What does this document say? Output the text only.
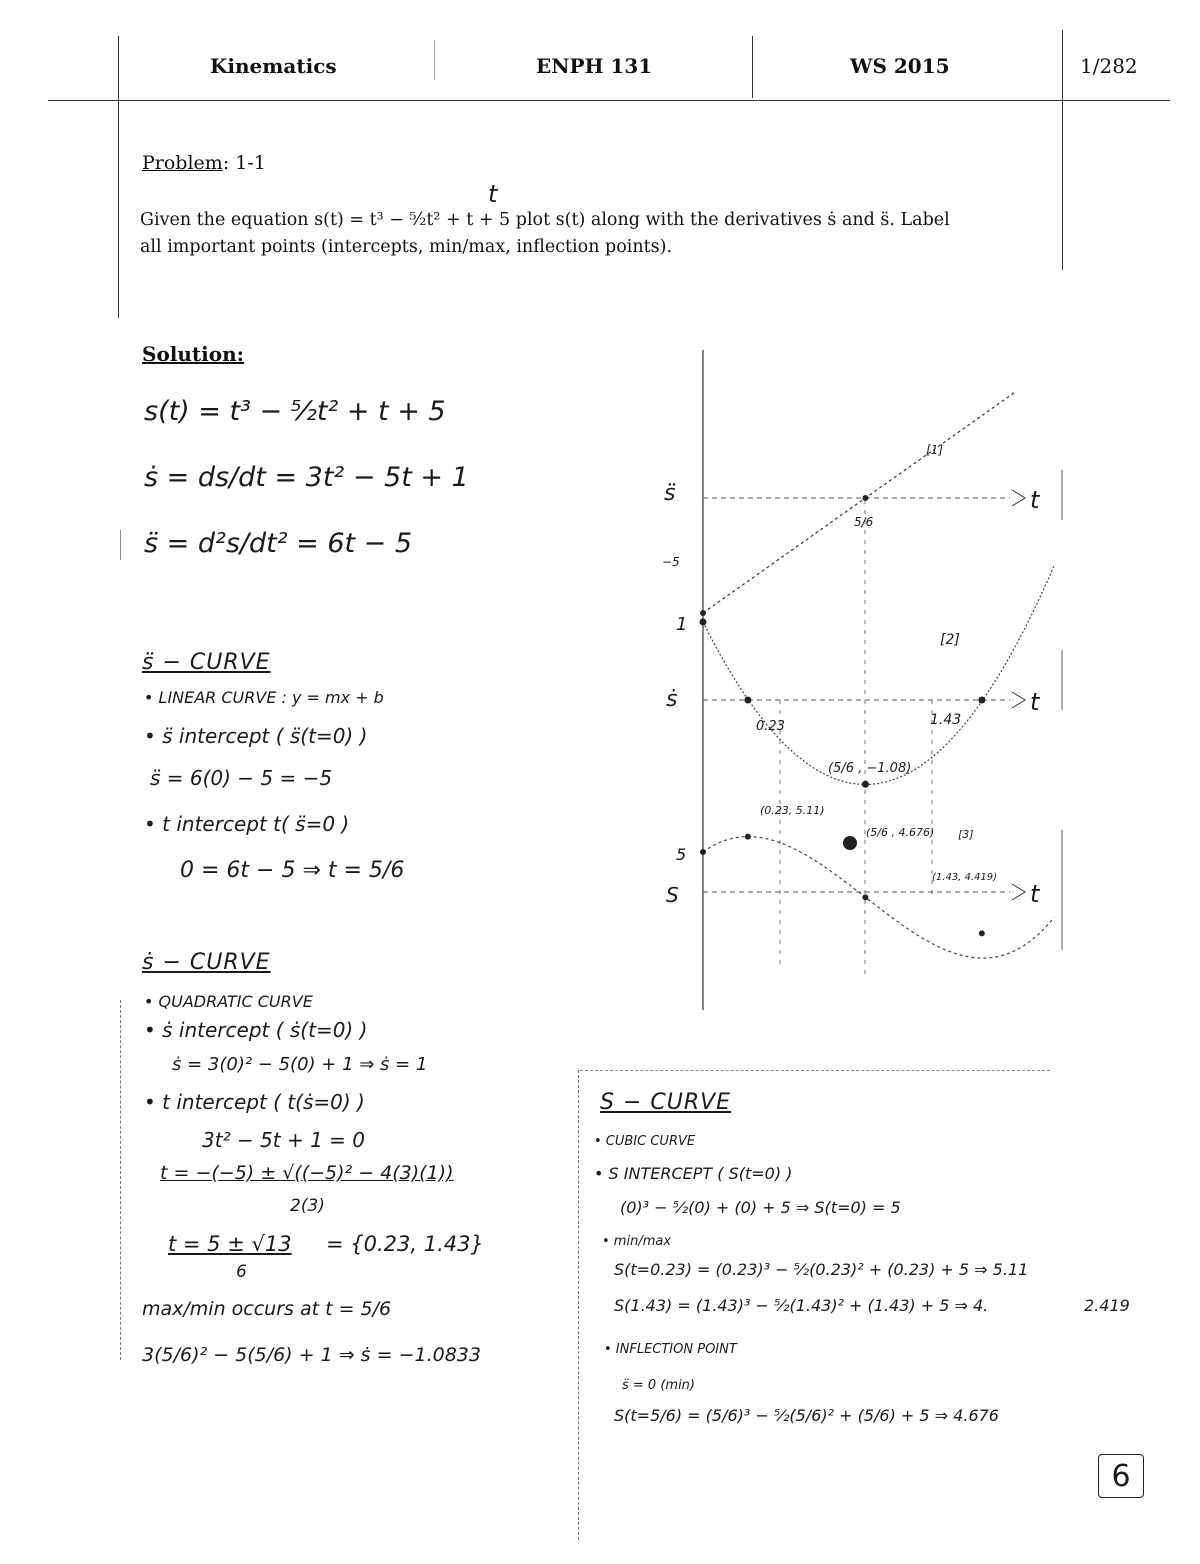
Kinematics	ENPH 131	WS 2015	1/282
Problem: 1-1
t
Given the equation s(t) = t³ − ⁵⁄₂t² + t + 5 plot s(t) along with the derivatives ṡ and s̈. Label
all important points (intercepts, min/max, inflection points).
Solution:
s(t) = t³ − ⁵⁄₂t² + t + 5
ṡ = ds/dt = 3t² − 5t + 1
s̈ = d²s/dt² = 6t − 5
s̈ − CURVE
• LINEAR CURVE : y = mx + b
• s̈ intercept ( s̈(t=0) )
s̈ = 6(0) − 5 = −5
• t intercept t( s̈=0 )
0 = 6t − 5 ⇒ t = 5/6
ṡ − CURVE
• QUADRATIC CURVE
• ṡ intercept ( ṡ(t=0) )
ṡ = 3(0)² − 5(0) + 1 ⇒ ṡ = 1
• t intercept ( t(ṡ=0) )
3t² − 5t + 1 = 0
t = −(−5) ± √((−5)² − 4(3)(1))
2(3)
t = 5 ± √13
6
= {0.23, 1.43}
max/min occurs at t = 5/6
3(5/6)² − 5(5/6) + 1 ⇒ ṡ = −1.0833
S − CURVE
• CUBIC CURVE
• S INTERCEPT ( S(t=0) )
(0)³ − ⁵⁄₂(0) + (0) + 5 ⇒ S(t=0) = 5
• min/max
S(t=0.23) = (0.23)³ − ⁵⁄₂(0.23)² + (0.23) + 5 ⇒ 5.11
S(1.43) = (1.43)³ − ⁵⁄₂(1.43)² + (1.43) + 5 ⇒ 4.	2.419
• INFLECTION POINT
s̈ = 0 (min)
S(t=5/6) = (5/6)³ − ⁵⁄₂(5/6)² + (5/6) + 5 ⇒ 4.676
6
t
s̈
−5
5/6
[1]
t
ṡ
1
0.23	1.43
(5/6 , −1.08)
[2]
t
S
5
(0.23, 5.11)
(5/6 , 4.676)
(1.43, 4.419)
[3]
